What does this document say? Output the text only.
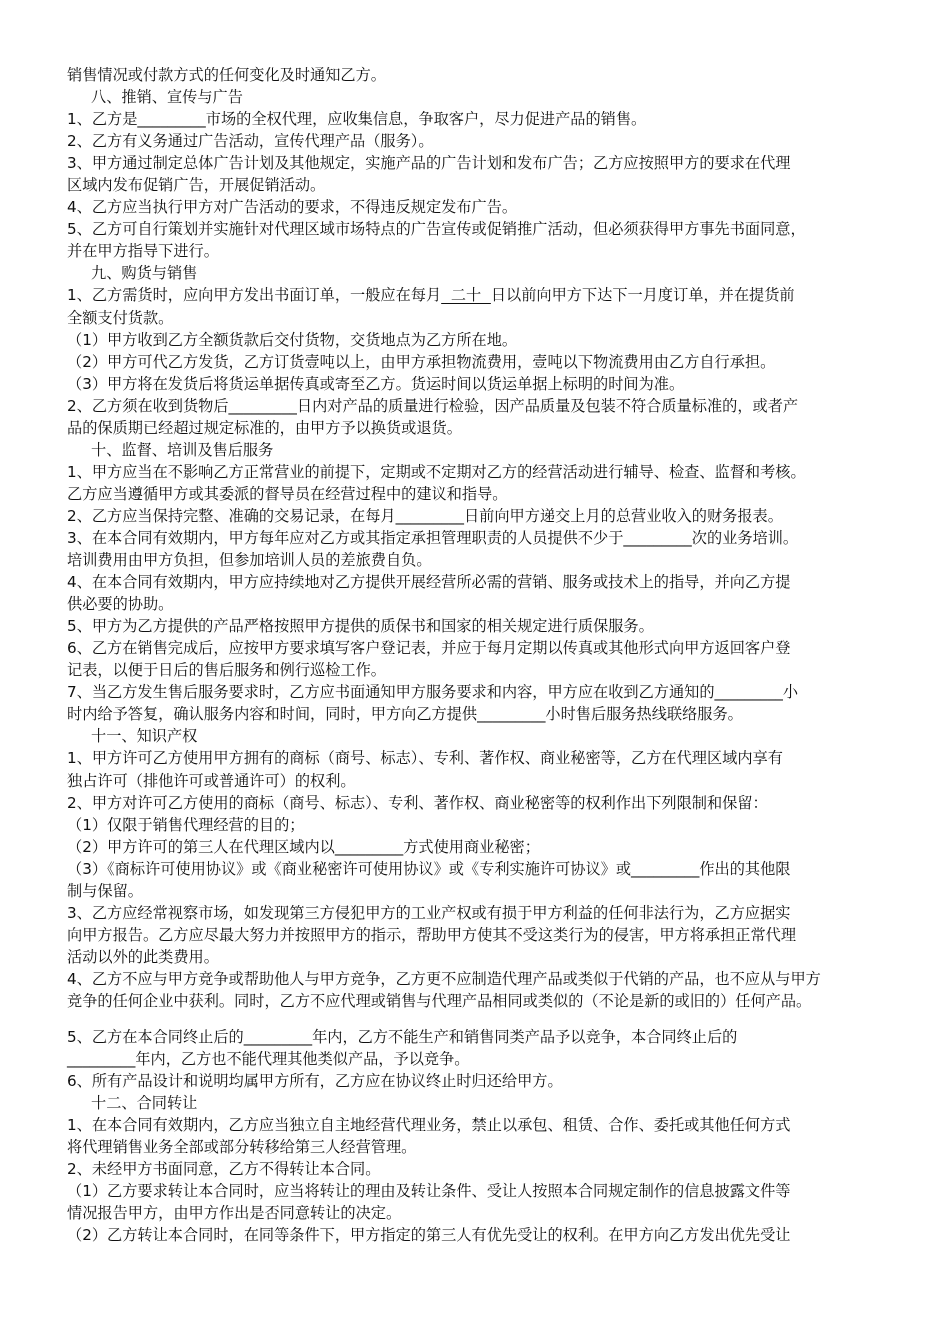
销售情况或付款方式的任何变化及时通知乙方。
八、推销、宣传与广告
1、乙方是_________市场的全权代理，应收集信息，争取客户，尽力促进产品的销售。
2、乙方有义务通过广告活动，宣传代理产品（服务）。
3、甲方通过制定总体广告计划及其他规定，实施产品的广告计划和发布广告；乙方应按照甲方的要求在代理
区域内发布促销广告，开展促销活动。
4、乙方应当执行甲方对广告活动的要求，不得违反规定发布广告。
5、乙方可自行策划并实施针对代理区域市场特点的广告宣传或促销推广活动，但必须获得甲方事先书面同意，
并在甲方指导下进行。
九、购货与销售
1、乙方需货时，应向甲方发出书面订单，一般应在每月  二十  日以前向甲方下达下一月度订单，并在提货前
全额支付货款。
（1）甲方收到乙方全额货款后交付货物，交货地点为乙方所在地。
（2）甲方可代乙方发货，乙方订货壹吨以上，由甲方承担物流费用，壹吨以下物流费用由乙方自行承担。
（3）甲方将在发货后将货运单据传真或寄至乙方。货运时间以货运单据上标明的时间为准。
2、乙方须在收到货物后_________日内对产品的质量进行检验，因产品质量及包装不符合质量标准的，或者产
品的保质期已经超过规定标准的，由甲方予以换货或退货。
十、监督、培训及售后服务
1、甲方应当在不影响乙方正常营业的前提下，定期或不定期对乙方的经营活动进行辅导、检查、监督和考核。
乙方应当遵循甲方或其委派的督导员在经营过程中的建议和指导。
2、乙方应当保持完整、准确的交易记录，在每月_________日前向甲方递交上月的总营业收入的财务报表。
3、在本合同有效期内，甲方每年应对乙方或其指定承担管理职责的人员提供不少于_________次的业务培训。
培训费用由甲方负担，但参加培训人员的差旅费自负。
4、在本合同有效期内，甲方应持续地对乙方提供开展经营所必需的营销、服务或技术上的指导，并向乙方提
供必要的协助。
5、甲方为乙方提供的产品严格按照甲方提供的质保书和国家的相关规定进行质保服务。
6、乙方在销售完成后，应按甲方要求填写客户登记表，并应于每月定期以传真或其他形式向甲方返回客户登
记表，以便于日后的售后服务和例行巡检工作。
7、当乙方发生售后服务要求时，乙方应书面通知甲方服务要求和内容，甲方应在收到乙方通知的_________小
时内给予答复，确认服务内容和时间，同时，甲方向乙方提供_________小时售后服务热线联络服务。
十一、知识产权
1、甲方许可乙方使用甲方拥有的商标（商号、标志）、专利、著作权、商业秘密等，乙方在代理区域内享有
独占许可（排他许可或普通许可）的权利。
2、甲方对许可乙方使用的商标（商号、标志）、专利、著作权、商业秘密等的权利作出下列限制和保留：
（1）仅限于销售代理经营的目的；
（2）甲方许可的第三人在代理区域内以_________方式使用商业秘密；
（3）《商标许可使用协议》或《商业秘密许可使用协议》或《专利实施许可协议》或_________作出的其他限
制与保留。
3、乙方应经常视察市场，如发现第三方侵犯甲方的工业产权或有损于甲方利益的任何非法行为，乙方应据实
向甲方报告。乙方应尽最大努力并按照甲方的指示，帮助甲方使其不受这类行为的侵害，甲方将承担正常代理
活动以外的此类费用。
4、乙方不应与甲方竞争或帮助他人与甲方竞争，乙方更不应制造代理产品或类似于代销的产品，也不应从与甲方
竞争的任何企业中获利。同时，乙方不应代理或销售与代理产品相同或类似的（不论是新的或旧的）任何产品。
5、乙方在本合同终止后的_________年内，乙方不能生产和销售同类产品予以竞争，本合同终止后的
_________年内，乙方也不能代理其他类似产品，予以竞争。
6、所有产品设计和说明均属甲方所有，乙方应在协议终止时归还给甲方。
十二、合同转让
1、在本合同有效期内，乙方应当独立自主地经营代理业务，禁止以承包、租赁、合作、委托或其他任何方式
将代理销售业务全部或部分转移给第三人经营管理。
2、未经甲方书面同意，乙方不得转让本合同。
（1）乙方要求转让本合同时，应当将转让的理由及转让条件、受让人按照本合同规定制作的信息披露文件等
情况报告甲方，由甲方作出是否同意转让的决定。
（2）乙方转让本合同时，在同等条件下，甲方指定的第三人有优先受让的权利。在甲方向乙方发出优先受让
